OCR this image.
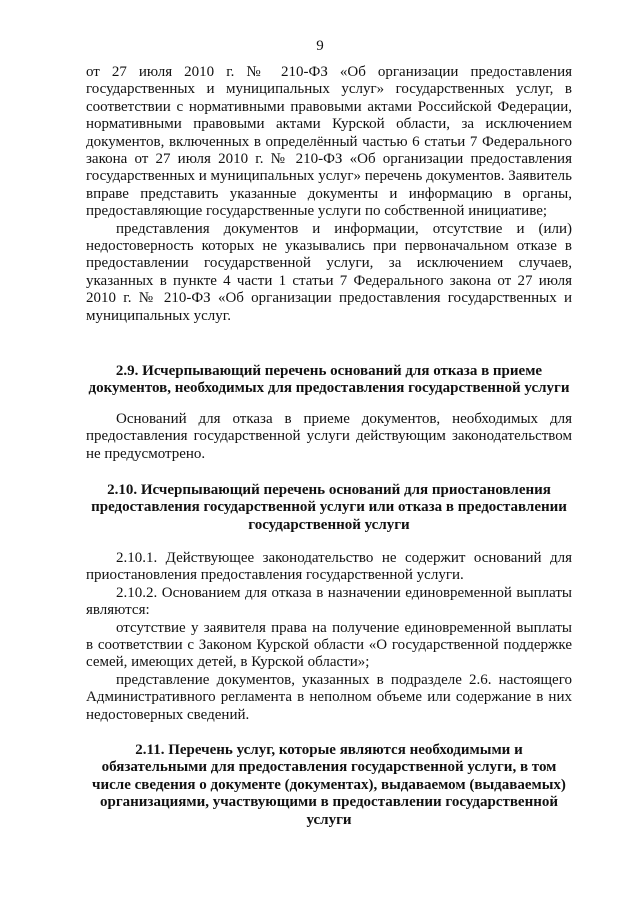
9

от 27 июля 2010 г. № 210-ФЗ «Об организации предоставления государственных и муниципальных услуг» государственных услуг, в соответствии с нормативными правовыми актами Российской Федерации, нормативными правовыми актами Курской области, за исключением документов, включенных в определённый частью 6 статьи 7 Федерального закона от 27 июля 2010 г. № 210-ФЗ «Об организации предоставления государственных и муниципальных услуг» перечень документов. Заявитель вправе представить указанные документы и информацию в органы, предоставляющие государственные услуги по собственной инициативе;

представления документов и информации, отсутствие и (или) недостоверность которых не указывались при первоначальном отказе в предоставлении государственной услуги, за исключением случаев, указанных в пункте 4 части 1 статьи 7 Федерального закона от 27 июля 2010 г. № 210-ФЗ «Об организации предоставления государственных и муниципальных услуг.

2.9. Исчерпывающий перечень оснований для отказа в приеме документов, необходимых для предоставления государственной услуги

Оснований для отказа в приеме документов, необходимых для предоставления государственной услуги действующим законодательством не предусмотрено.

2.10. Исчерпывающий перечень оснований для приостановления предоставления государственной услуги или отказа в предоставлении государственной услуги

2.10.1. Действующее законодательство не содержит оснований для приостановления предоставления государственной услуги.

2.10.2. Основанием для отказа в назначении единовременной выплаты являются:

отсутствие у заявителя права на получение единовременной выплаты в соответствии с Законом Курской области «О государственной поддержке семей, имеющих детей, в Курской области»;

представление документов, указанных в подразделе 2.6. настоящего Административного регламента в неполном объеме или содержание в них недостоверных сведений.

2.11. Перечень услуг, которые являются необходимыми и обязательными для предоставления государственной услуги, в том числе сведения о документе (документах), выдаваемом (выдаваемых) организациями, участвующими в предоставлении государственной услуги
